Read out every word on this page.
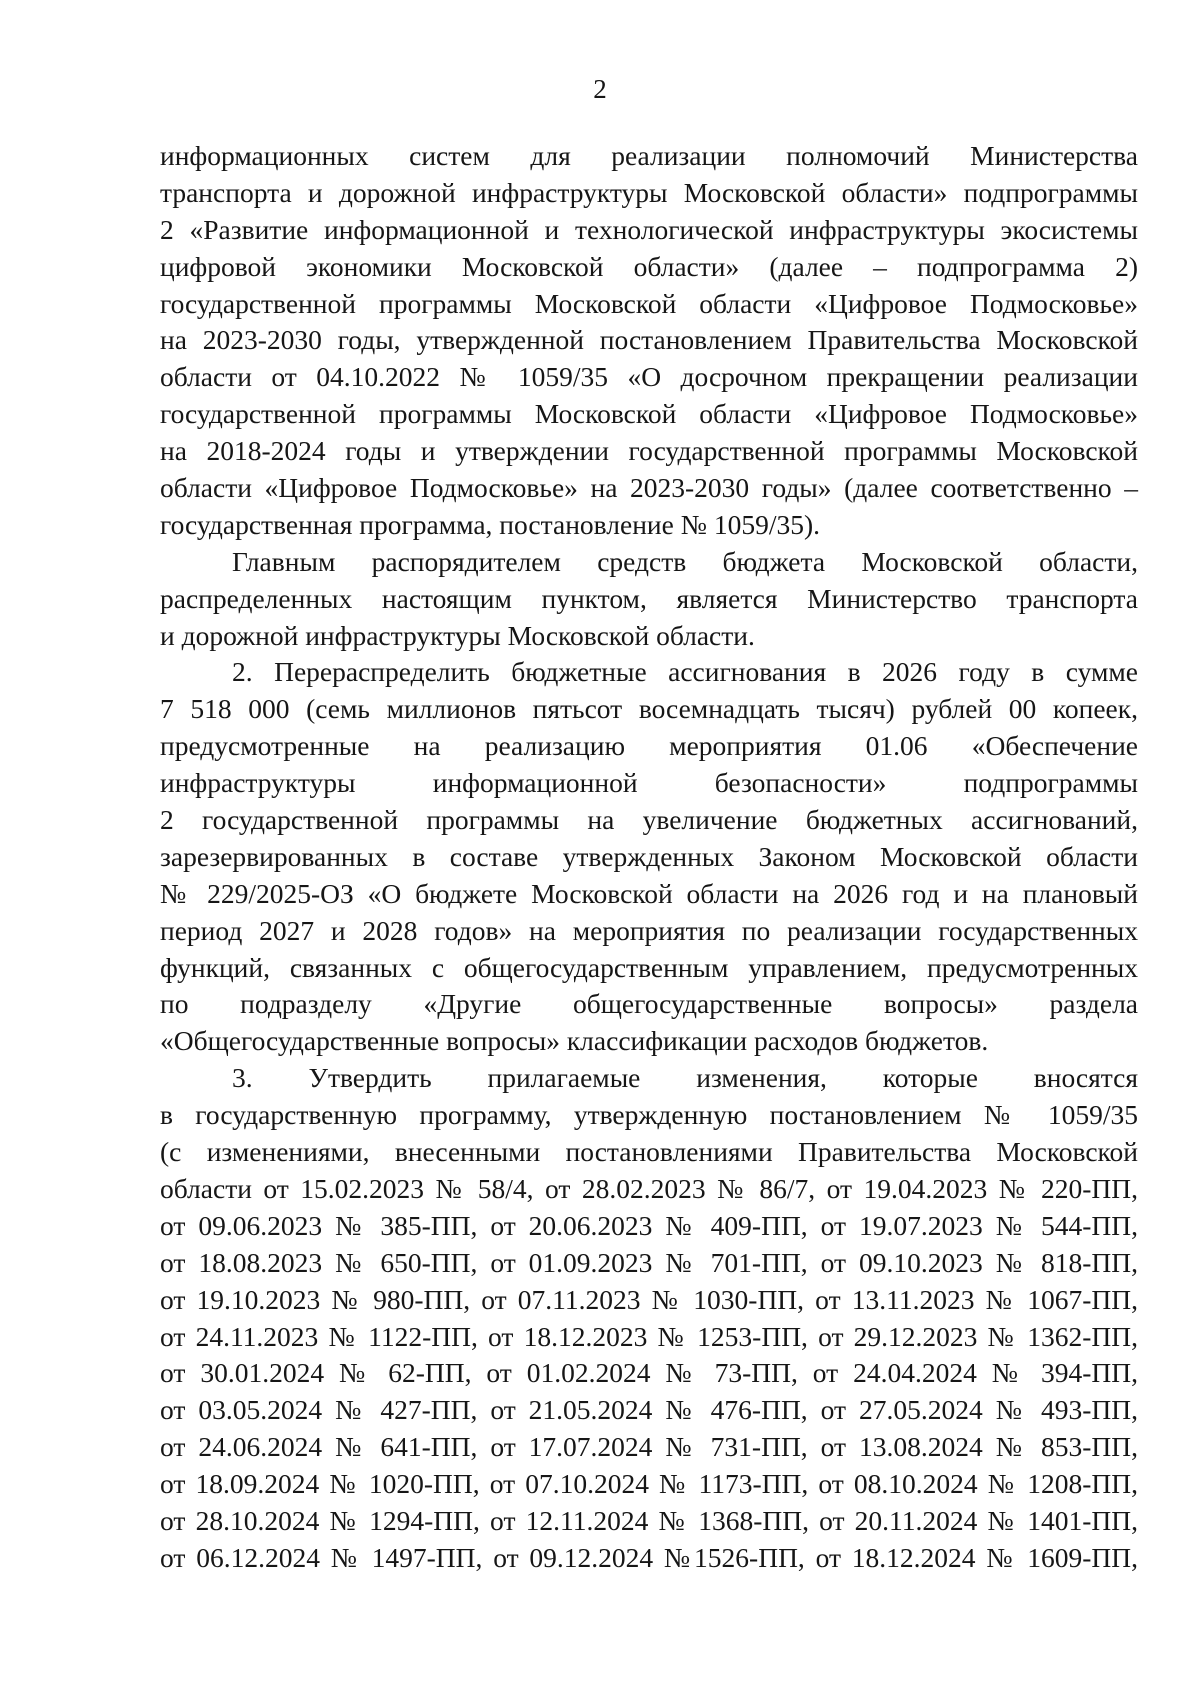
2
информационных систем для реализации полномочий Министерства
транспорта и дорожной инфраструктуры Московской области» подпрограммы
2 «Развитие информационной и технологической инфраструктуры экосистемы
цифровой экономики Московской области» (далее – подпрограмма 2)
государственной программы Московской области «Цифровое Подмосковье»
на 2023-2030 годы, утвержденной постановлением Правительства Московской
области от 04.10.2022 № 1059/35 «О досрочном прекращении реализации
государственной программы Московской области «Цифровое Подмосковье»
на 2018-2024 годы и утверждении государственной программы Московской
области «Цифровое Подмосковье» на 2023-2030 годы» (далее соответственно –
государственная программа, постановление № 1059/35).
Главным распорядителем средств бюджета Московской области,
распределенных настоящим пунктом, является Министерство транспорта
и дорожной инфраструктуры Московской области.
2. Перераспределить бюджетные ассигнования в 2026 году в сумме
7 518 000 (семь миллионов пятьсот восемнадцать тысяч) рублей 00 копеек,
предусмотренные на реализацию мероприятия 01.06 «Обеспечение
инфраструктуры информационной безопасности» подпрограммы
2 государственной программы на увеличение бюджетных ассигнований,
зарезервированных в составе утвержденных Законом Московской области
№ 229/2025-ОЗ «О бюджете Московской области на 2026 год и на плановый
период 2027 и 2028 годов» на мероприятия по реализации государственных
функций, связанных с общегосударственным управлением, предусмотренных
по подразделу «Другие общегосударственные вопросы» раздела
«Общегосударственные вопросы» классификации расходов бюджетов.
3. Утвердить прилагаемые изменения, которые вносятся
в государственную программу, утвержденную постановлением № 1059/35
(с изменениями, внесенными постановлениями Правительства Московской
области от 15.02.2023 № 58/4, от 28.02.2023 № 86/7, от 19.04.2023 № 220-ПП,
от 09.06.2023 № 385-ПП, от 20.06.2023 № 409-ПП, от 19.07.2023 № 544-ПП,
от 18.08.2023 № 650-ПП, от 01.09.2023 № 701-ПП, от 09.10.2023 № 818-ПП,
от 19.10.2023 № 980-ПП, от 07.11.2023 № 1030-ПП, от 13.11.2023 № 1067-ПП,
от 24.11.2023 № 1122-ПП, от 18.12.2023 № 1253-ПП, от 29.12.2023 № 1362-ПП,
от 30.01.2024 № 62-ПП, от 01.02.2024 № 73-ПП, от 24.04.2024 № 394-ПП,
от 03.05.2024 № 427-ПП, от 21.05.2024 № 476-ПП, от 27.05.2024 № 493-ПП,
от 24.06.2024 № 641-ПП, от 17.07.2024 № 731-ПП, от 13.08.2024 № 853-ПП,
от 18.09.2024 № 1020-ПП, от 07.10.2024 № 1173-ПП, от 08.10.2024 № 1208-ПП,
от 28.10.2024 № 1294-ПП, от 12.11.2024 № 1368-ПП, от 20.11.2024 № 1401-ПП,
от 06.12.2024 № 1497-ПП, от 09.12.2024 №1526-ПП, от 18.12.2024 № 1609-ПП,
